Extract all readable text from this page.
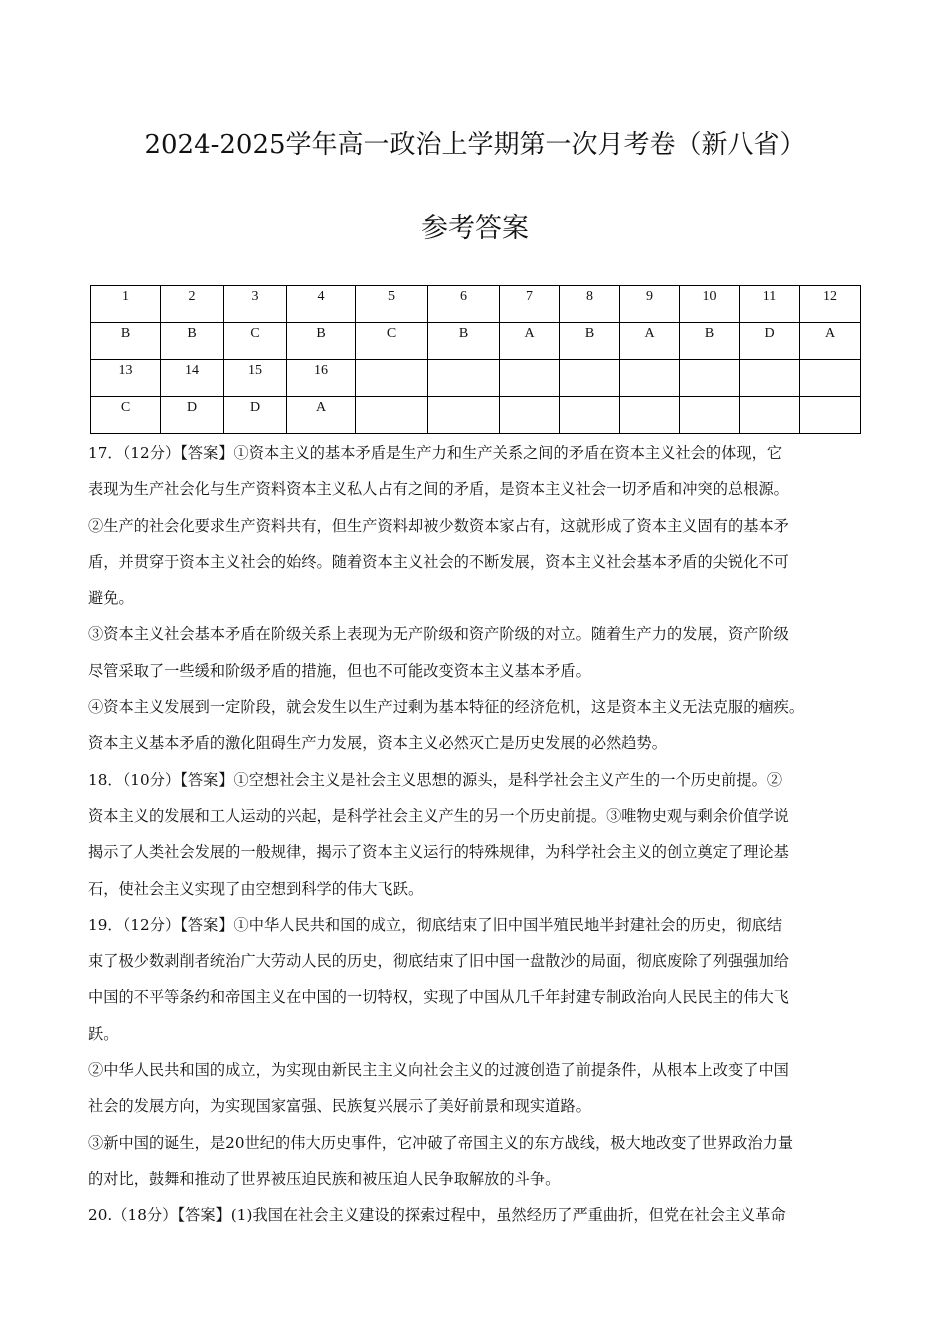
2024-2025学年高一政治上学期第一次月考卷（新八省）
参考答案
1	2	3	4	5	6	7	8	9	10	11	12
B	B	C	B	C	B	A	B	A	B	D	A
13	14	15	16								
C	D	D	A								
17．（12分）【答案】①资本主义的基本矛盾是生产力和生产关系之间的矛盾在资本主义社会的体现，它
表现为生产社会化与生产资料资本主义私人占有之间的矛盾，是资本主义社会一切矛盾和冲突的总根源。
②生产的社会化要求生产资料共有，但生产资料却被少数资本家占有，这就形成了资本主义固有的基本矛
盾，并贯穿于资本主义社会的始终。随着资本主义社会的不断发展，资本主义社会基本矛盾的尖锐化不可
避免。
③资本主义社会基本矛盾在阶级关系上表现为无产阶级和资产阶级的对立。随着生产力的发展，资产阶级
尽管采取了一些缓和阶级矛盾的措施，但也不可能改变资本主义基本矛盾。
④资本主义发展到一定阶段，就会发生以生产过剩为基本特征的经济危机，这是资本主义无法克服的痼疾。
资本主义基本矛盾的激化阻碍生产力发展，资本主义必然灭亡是历史发展的必然趋势。
18．（10分）【答案】①空想社会主义是社会主义思想的源头，是科学社会主义产生的一个历史前提。②
资本主义的发展和工人运动的兴起，是科学社会主义产生的另一个历史前提。③唯物史观与剩余价值学说
揭示了人类社会发展的一般规律，揭示了资本主义运行的特殊规律，为科学社会主义的创立奠定了理论基
石，使社会主义实现了由空想到科学的伟大飞跃。
19．（12分）【答案】①中华人民共和国的成立，彻底结束了旧中国半殖民地半封建社会的历史，彻底结
束了极少数剥削者统治广大劳动人民的历史，彻底结束了旧中国一盘散沙的局面，彻底废除了列强强加给
中国的不平等条约和帝国主义在中国的一切特权，实现了中国从几千年封建专制政治向人民民主的伟大飞
跃。
②中华人民共和国的成立，为实现由新民主主义向社会主义的过渡创造了前提条件，从根本上改变了中国
社会的发展方向，为实现国家富强、民族复兴展示了美好前景和现实道路。
③新中国的诞生，是20世纪的伟大历史事件，它冲破了帝国主义的东方战线，极大地改变了世界政治力量
的对比，鼓舞和推动了世界被压迫民族和被压迫人民争取解放的斗争。
20.（18分）【答案】(1)我国在社会主义建设的探索过程中，虽然经历了严重曲折，但党在社会主义革命
